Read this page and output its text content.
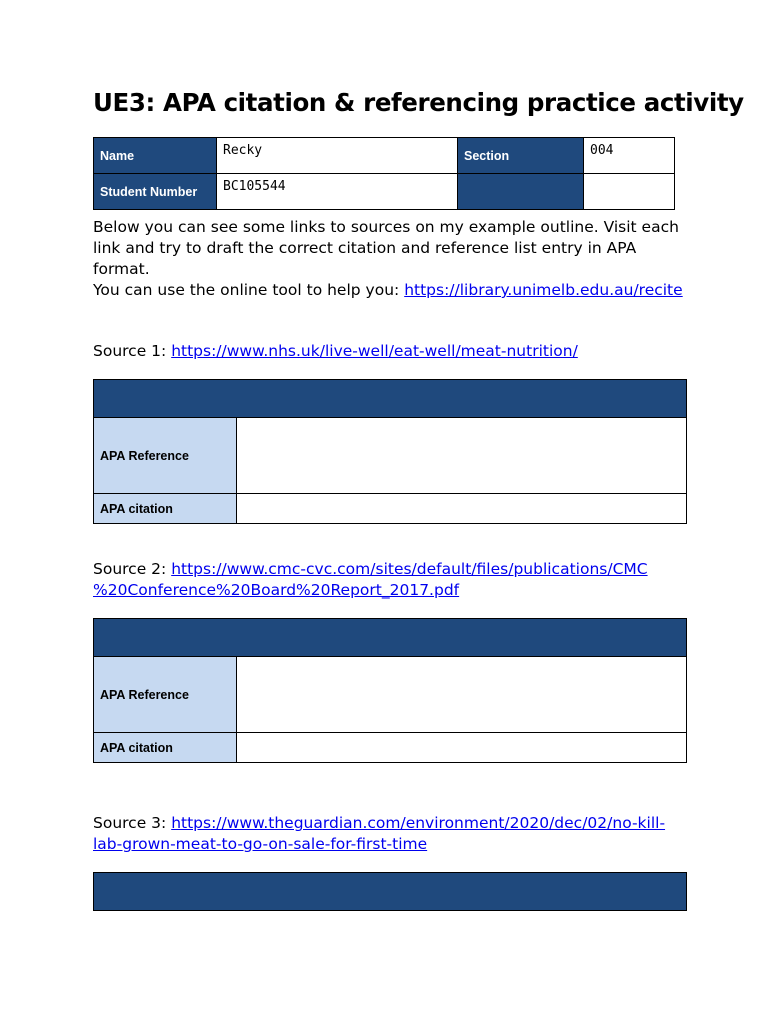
UE3: APA citation & referencing practice activity
Name	Recky	Section	004
Student Number	BC105544		
Below you can see some links to sources on my example outline. Visit each link and try to draft the correct citation and reference list entry in APA format.
You can use the online tool to help you: https://library.unimelb.edu.au/recite
Source 1: https://www.nhs.uk/live-well/eat-well/meat-nutrition/

APA Reference	
APA citation	
Source 2: https://www.cmc-cvc.com/sites/default/files/publications/CMC
%20Conference%20Board%20Report_2017.pdf

APA Reference	
APA citation	
Source 3: https://www.theguardian.com/environment/2020/dec/02/no-kill-
lab-grown-meat-to-go-on-sale-for-first-time
